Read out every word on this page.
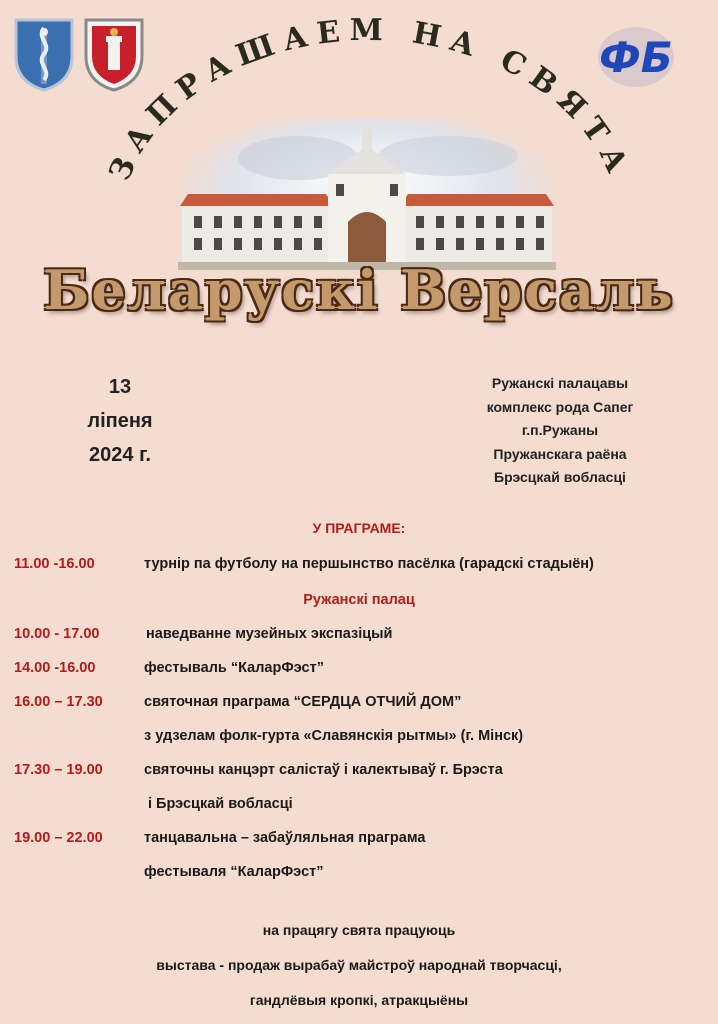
ФБ
ЗАПРАШАЕМ НА СВЯТА
Беларускі Версаль
13
ліпеня
2024 г.
Ружанскі палацавы
комплекс рода Сапег
г.п.Ружаны
Пружанскага раёна
Брэсцкай вобласці
У ПРАГРАМЕ:
11.00 -16.00	турнір па футболу на першынство пасёлка (гарадскі стадыён)
Ружанскі палац
10.00 - 17.00	наведванне музейных экспазіцый
14.00 -16.00	фестываль “КаларФэст”
16.00 – 17.30	святочная праграма “СЕРДЦА ОТЧИЙ ДОМ”
з удзелам фолк-гурта «Славянскія рытмы» (г. Мінск)
17.30 – 19.00	святочны канцэрт салістаў і калектываў г. Брэста
і Брэсцкай вобласці
19.00 – 22.00	танцавальна – забаўляльная праграма
фестываля “КаларФэст”
на працягу свята працуюць
выстава - продаж вырабаў майстроў народнай творчасці,
гандлёвыя кропкі, атракцыёны
